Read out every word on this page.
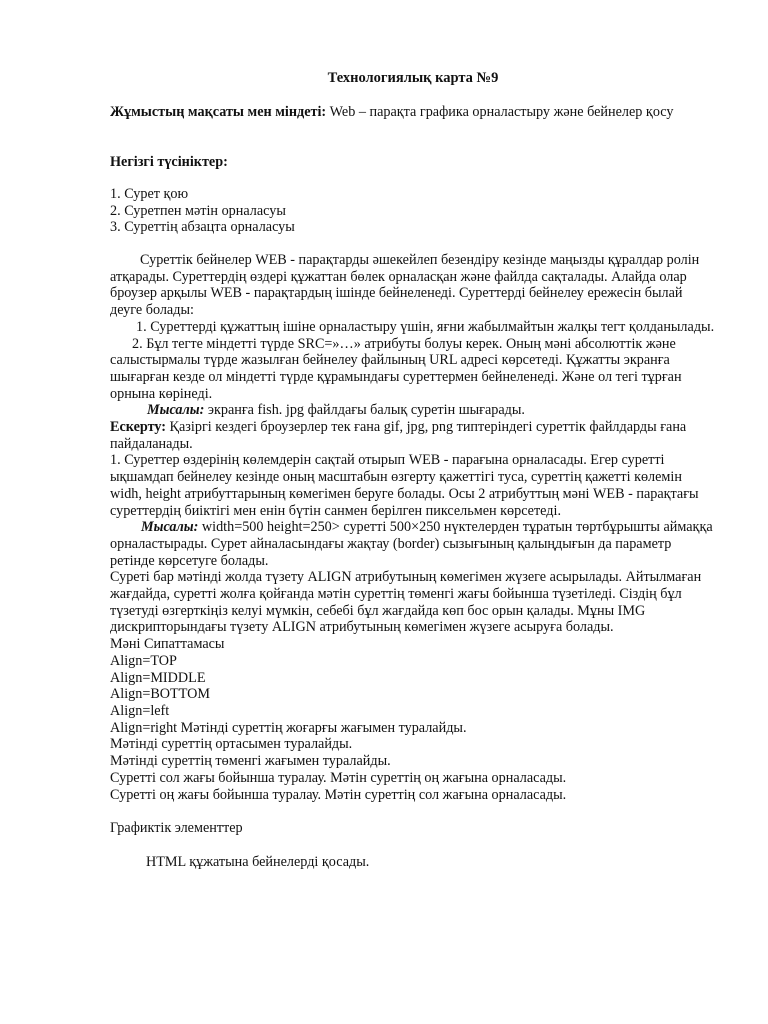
Технологиялық карта №9
Жұмыстың мақсаты мен міндеті: Web – парақта графика орналастыру және бейнелер қосу
Негізгі түсініктер:
1. Сурет қою
2. Суретпен мәтін орналасуы
3. Суреттің абзацта орналасуы

Суреттік бейнелер WEB - парақтарды әшекейлеп безендіру кезінде маңызды құралдар ролін атқарады. Суреттердің өздері құжаттан бөлек орналасқан және файлда сақталады. Алайда олар броузер арқылы WEB - парақтардың ішінде бейнеленеді. Суреттерді бейнелеу ережесін былай деуге болады:

1. Суреттерді құжаттың ішіне орналастыру үшін, яғни жабылмайтын жалқы тегт қолданылады.

2. Бұл тегте міндетті түрде SRC=»…» атрибуты болуы керек. Оның мәні абсолюттік және салыстырмалы түрде жазылған бейнелеу файлының URL адресі көрсетеді. Құжатты экранға шығарған кезде ол міндетті түрде құрамындағы суреттермен бейнеленеді. Және ол тегі тұрған орнына көрінеді.

Мысалы: экранға fish. jpg файлдағы балық суретін шығарады.

Ескерту: Қазіргі кездегі броузерлер тек ғана gif, jpg, png типтеріндегі суреттік файлдарды ғана пайдаланады.

1. Суреттер өздерінің көлемдерін сақтай отырып WEB - парағына орналасады. Егер суретті ықшамдап бейнелеу кезінде оның масштабын өзгерту қажеттігі туса, суреттің қажетті көлемін widh, height атрибуттарының көмегімен беруге болады. Осы 2 атрибуттың мәні WEB - парақтағы суреттердің биіктігі мен енін бүтін санмен берілген пиксельмен көрсетеді.

Мысалы: width=500 height=250> суретті 500×250 нүктелерден тұратын төртбұрышты аймаққа орналастырады. Сурет айналасындағы жақтау (border) сызығының қалыңдығын да параметр ретінде көрсетуге болады.

Суреті бар мәтінді жолда түзету ALIGN атрибутының көмегімен жүзеге асырылады. Айтылмаған жағдайда, суретті жолға қойғанда мәтін суреттің төменгі жағы бойынша түзетіледі. Сіздің бұл түзетуді өзгерткіңіз келуі мүмкін, себебі бұл жағдайда көп бос орын қалады. Мұны IMG дискрипторындағы түзету ALIGN атрибутының көмегімен жүзеге асыруға болады.

Мәні Сипаттамасы

Align=TOP

Align=MIDDLE

Align=BOTTOM

Align=left

Align=right Мәтінді суреттің жоғарғы жағымен туралайды.

Мәтінді суреттің ортасымен туралайды.

Мәтінді суреттің төменгі жағымен туралайды.

Суретті сол жағы бойынша туралау. Мәтін суреттің оң жағына орналасады.

Суретті оң жағы бойынша туралау. Мәтін суреттің сол жағына орналасады.

Графиктік элементтер

HTML құжатына бейнелерді қосады.
